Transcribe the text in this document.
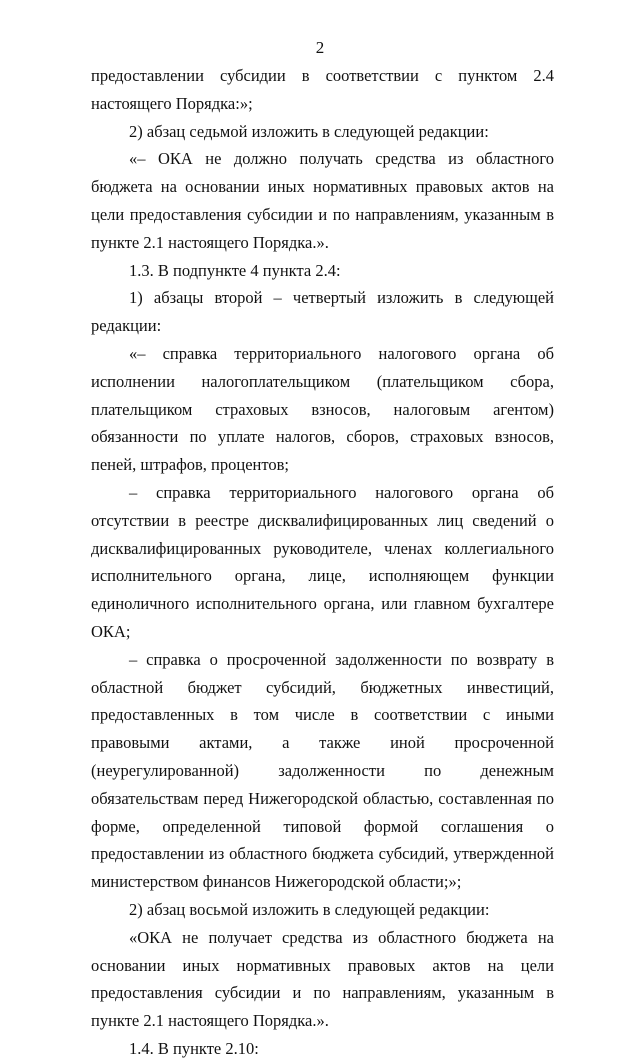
2

предоставлении субсидии в соответствии с пунктом 2.4 настоящего Порядка:»;

2) абзац седьмой изложить в следующей редакции:

«– ОКА не должно получать средства из областного бюджета на основании иных нормативных правовых актов на цели предоставления субсидии и по направлениям, указанным в пункте 2.1 настоящего Порядка.».

1.3. В подпункте 4 пункта 2.4:

1) абзацы второй – четвертый изложить в следующей редакции:

«– справка территориального налогового органа об исполнении налогоплательщиком (плательщиком сбора, плательщиком страховых взносов, налоговым агентом) обязанности по уплате налогов, сборов, страховых взносов, пеней, штрафов, процентов;

– справка территориального налогового органа об отсутствии в реестре дисквалифицированных лиц сведений о дисквалифицированных руководителе, членах коллегиального исполнительного органа, лице, исполняющем функции единоличного исполнительного органа, или главном бухгалтере ОКА;

– справка о просроченной задолженности по возврату в областной бюджет субсидий, бюджетных инвестиций, предоставленных в том числе в соответствии с иными правовыми актами, а также иной просроченной (неурегулированной) задолженности по денежным обязательствам перед Нижегородской областью, составленная по форме, определенной типовой формой соглашения о предоставлении из областного бюджета субсидий, утвержденной министерством финансов Нижегородской области;»;

2) абзац восьмой изложить в следующей редакции:

«ОКА не получает средства из областного бюджета на основании иных нормативных правовых актов на цели предоставления субсидии и по направлениям, указанным в пункте 2.1 настоящего Порядка.».

1.4. В пункте 2.10:
